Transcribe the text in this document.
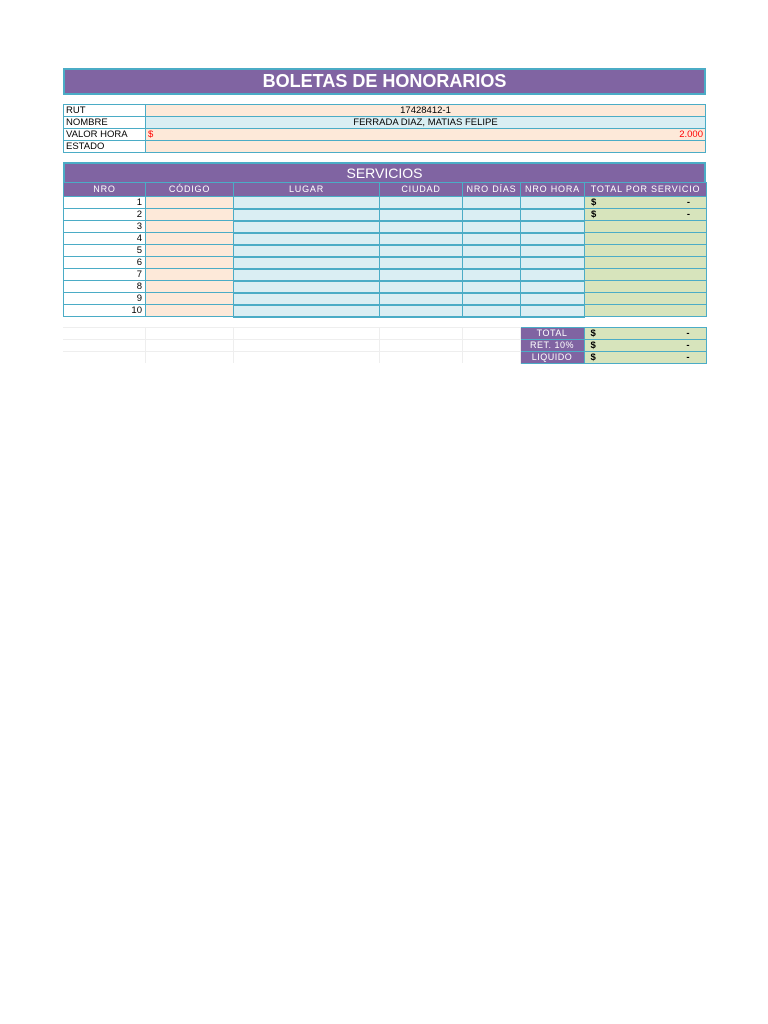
BOLETAS DE HONORARIOS
RUT	17428412-1
NOMBRE	FERRADA DIAZ, MATIAS FELIPE
VALOR HORA	$ 2.000

ESTADO	
SERVICIOS
NRO	CÓDIGO	LUGAR	CIUDAD	NRO DÍAS	NRO HORA	TOTAL POR SERVICIO
1						$ -

2						$ -

3						

4						

5						

6						

7						

8						

9						

10						
					TOTAL	$ -

					RET. 10%	$ -

					LIQUIDO	$ -
